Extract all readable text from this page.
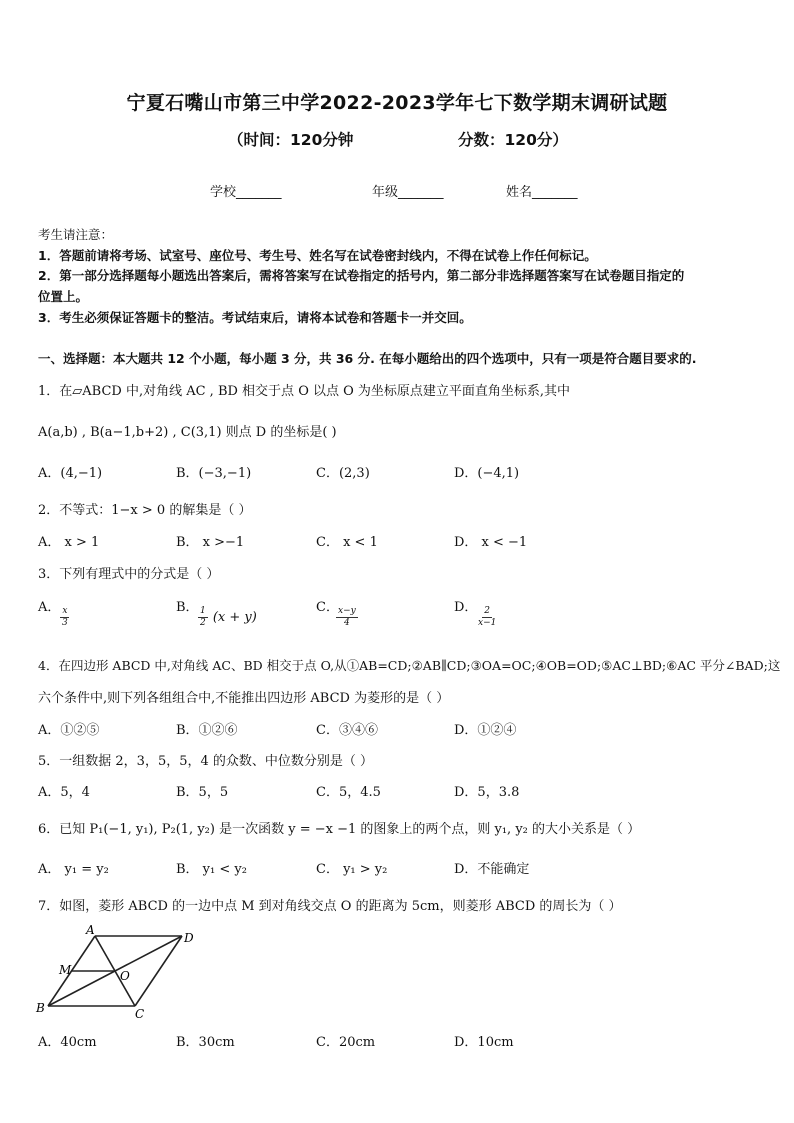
宁夏石嘴山市第三中学2022-2023学年七下数学期末调研试题
（时间：120分钟	分数：120分）
学校_______	年级_______	姓名_______
考生请注意：
1．答题前请将考场、试室号、座位号、考生号、姓名写在试卷密封线内，不得在试卷上作任何标记。
2．第一部分选择题每小题选出答案后，需将答案写在试卷指定的括号内，第二部分非选择题答案写在试卷题目指定的
位置上。
3．考生必须保证答题卡的整洁。考试结束后，请将本试卷和答题卡一并交回。
一、选择题：本大题共 12 个小题，每小题 3 分，共 36 分. 在每小题给出的四个选项中，只有一项是符合题目要求的.
1．在▱ABCD 中,对角线 AC , BD 相交于点 O 以点 O 为坐标原点建立平面直角坐标系,其中
A(a,b) , B(a−1,b+2) , C(3,1) 则点 D 的坐标是( )
A．(4,−1)	B．(−3,−1)	C．(2,3)	D．(−4,1)
2．不等式：1−x > 0 的解集是（ ）
A． x > 1	B． x >−1	C． x < 1	D． x < −1
3．下列有理式中的分式是（ ）
A． $\frac{x}{3}$	B． $\frac{1}{2} (x + y)$
C．
$\frac{x-y}{4}$	D．
$\frac{2}{x-1}$
4．在四边形 ABCD 中,对角线 AC、BD 相交于点 O,从①AB=CD;②AB∥CD;③OA=OC;④OB=OD;⑤AC⊥BD;⑥AC 平分∠BAD;这
六个条件中,则下列各组组合中,不能推出四边形 ABCD 为菱形的是（ ）
A．①②⑤	B．①②⑥	C．③④⑥	D．①②④
5．一组数据 2，3，5，5，4 的众数、中位数分别是（ ）
A．5，4	B．5，5	C．5，4.5	D．5，3.8
6．已知 P₁(−1, y₁), P₂(1, y₂) 是一次函数 y = −x −1 的图象上的两个点，则 y₁, y₂ 的大小关系是（ ）
A． y₁ = y₂	B． y₁ < y₂	C． y₁ > y₂	D．不能确定
7．如图，菱形 ABCD 的一边中点 M 到对角线交点 O 的距离为 5cm，则菱形 ABCD 的周长为（ ）
A
D
B	C
M	O
A．40cm	B．30cm	C．20cm	D．10cm
